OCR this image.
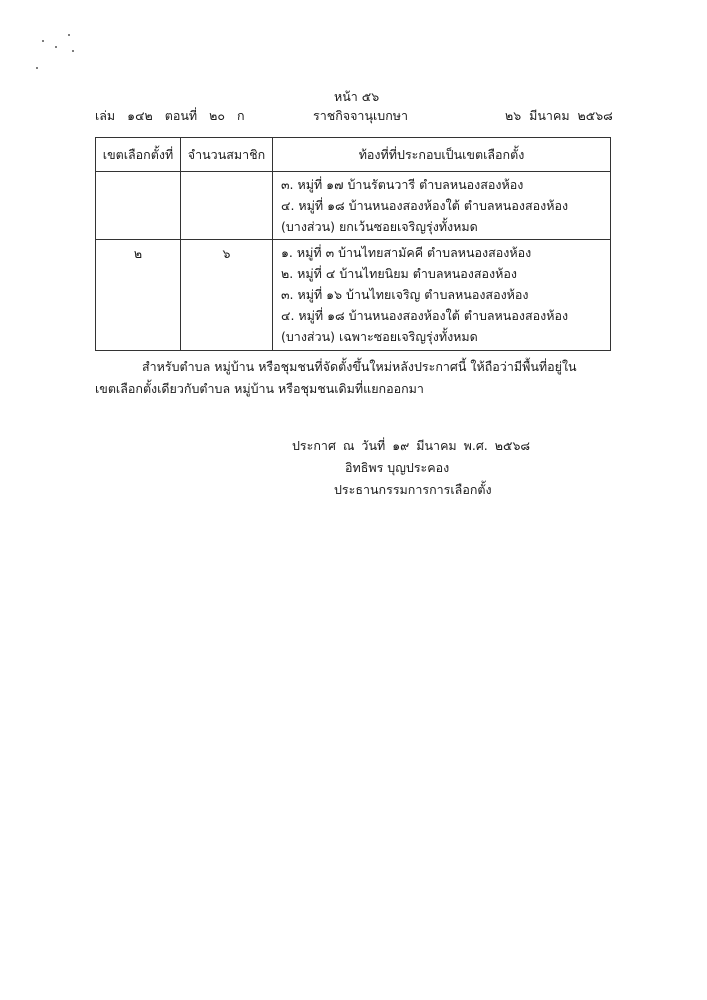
หน้า ๕๖
เล่ม ๑๔๒ ตอนที่ ๒๐ ก	ราชกิจจานุเบกษา	๒๖ มีนาคม ๒๕๖๘
เขตเลือกตั้งที่	จำนวนสมาชิก	ท้องที่ที่ประกอบเป็นเขตเลือกตั้ง

		๓. หมู่ที่ ๑๗ บ้านรัตนวารี ตำบลหนองสองห้อง
๔. หมู่ที่ ๑๘ บ้านหนองสองห้องใต้ ตำบลหนองสองห้อง
(บางส่วน) ยกเว้นซอยเจริญรุ่งทั้งหมด

๒	๖	๑. หมู่ที่ ๓ บ้านไทยสามัคคี ตำบลหนองสองห้อง
๒. หมู่ที่ ๔ บ้านไทยนิยม ตำบลหนองสองห้อง
๓. หมู่ที่ ๑๖ บ้านไทยเจริญ ตำบลหนองสองห้อง
๔. หมู่ที่ ๑๘ บ้านหนองสองห้องใต้ ตำบลหนองสองห้อง
(บางส่วน) เฉพาะซอยเจริญรุ่งทั้งหมด
สำหรับตำบล หมู่บ้าน หรือชุมชนที่จัดตั้งขึ้นใหม่หลังประกาศนี้ ให้ถือว่ามีพื้นที่อยู่ใน
เขตเลือกตั้งเดียวกับตำบล หมู่บ้าน หรือชุมชนเดิมที่แยกออกมา
ประกาศ ณ วันที่ ๑๙ มีนาคม พ.ศ. ๒๕๖๘
อิทธิพร บุญประคอง
ประธานกรรมการการเลือกตั้ง
